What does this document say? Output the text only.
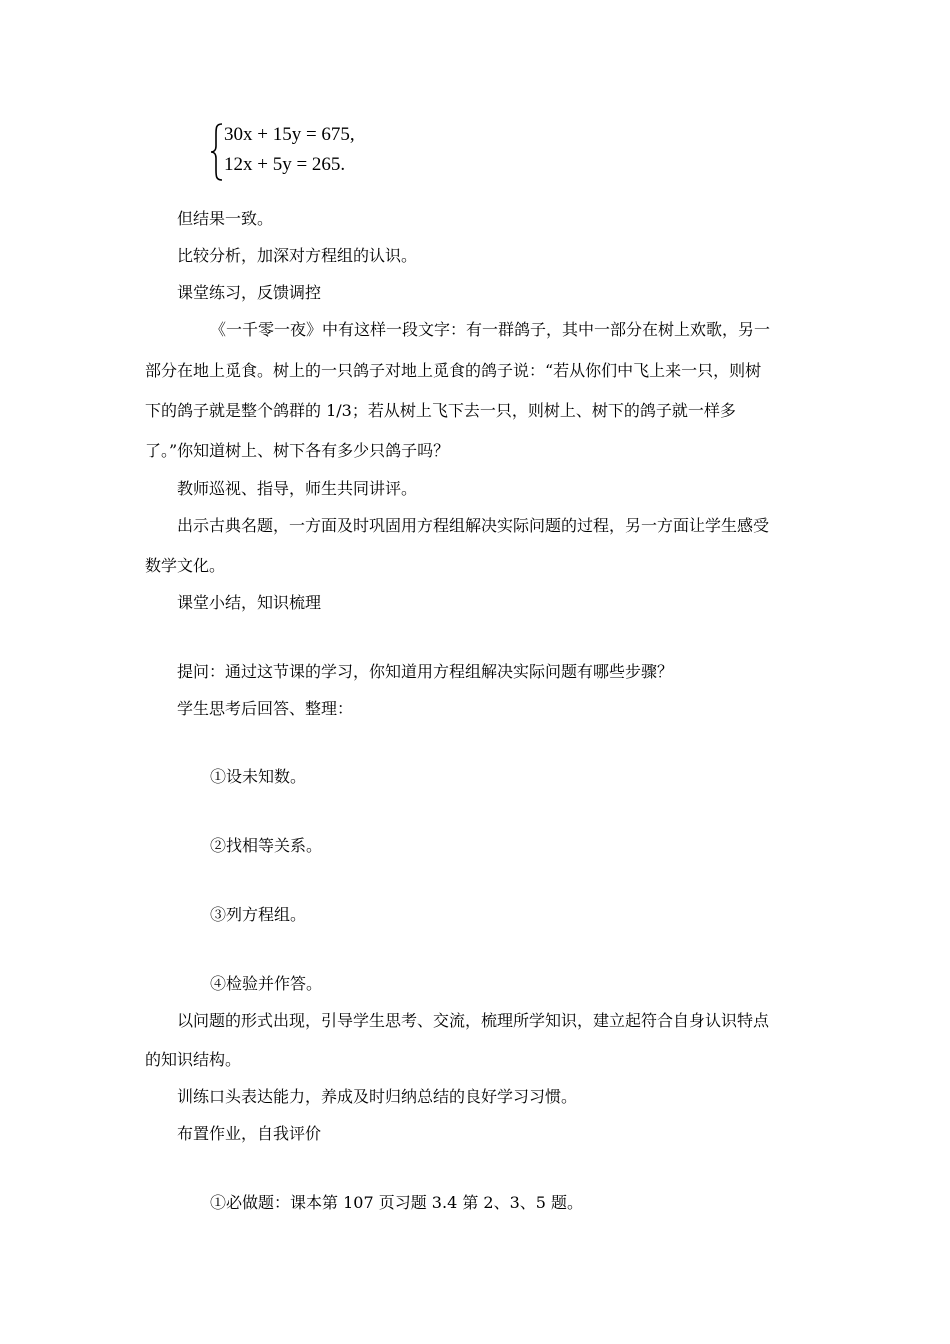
30x + 15y = 675,
12x + 5y = 265.
但结果一致。
比较分析，加深对方程组的认识。
课堂练习，反馈调控
《一千零一夜》中有这样一段文字：有一群鸽子，其中一部分在树上欢歌，另一
部分在地上觅食。树上的一只鸽子对地上觅食的鸽子说：“若从你们中飞上来一只，则树
下的鸽子就是整个鸽群的 1/3；若从树上飞下去一只，则树上、树下的鸽子就一样多
了。”你知道树上、树下各有多少只鸽子吗？
教师巡视、指导，师生共同讲评。
出示古典名题，一方面及时巩固用方程组解决实际问题的过程，另一方面让学生感受
数学文化。
课堂小结，知识梳理
提问：通过这节课的学习，你知道用方程组解决实际问题有哪些步骤？
学生思考后回答、整理：
①设未知数。
②找相等关系。
③列方程组。
④检验并作答。
以问题的形式出现，引导学生思考、交流，梳理所学知识，建立起符合自身认识特点
的知识结构。
训练口头表达能力，养成及时归纳总结的良好学习习惯。
布置作业，自我评价
①必做题：课本第 107 页习题 3.4 第 2、3、5 题。
